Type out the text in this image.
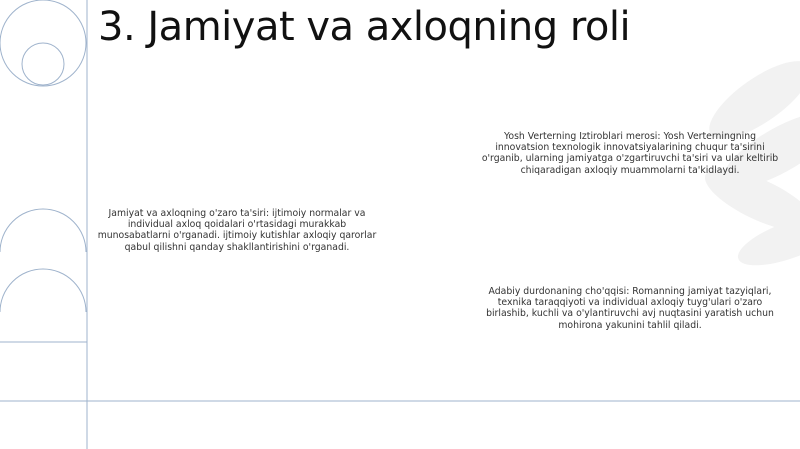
3. Jamiyat va axloqning roli
Jamiyat va axloqning o'zaro ta'siri: ijtimoiy normalar va individual axloq qoidalari o'rtasidagi murakkab munosabatlarni o'rganadi. ijtimoiy kutishlar axloqiy qarorlar qabul qilishni qanday shakllantirishini o'rganadi.
Yosh Verterning Iztiroblari merosi: Yosh Verterningning innovatsion texnologik innovatsiyalarining chuqur ta'sirini o'rganib, ularning jamiyatga o'zgartiruvchi ta'siri va ular keltirib chiqaradigan axloqiy muammolarni ta'kidlaydi.
Adabiy durdonaning cho'qqisi: Romanning jamiyat tazyiqlari, texnika taraqqiyoti va individual axloqiy tuyg'ulari o'zaro birlashib, kuchli va o'ylantiruvchi avj nuqtasini yaratish uchun mohirona yakunini tahlil qiladi.
